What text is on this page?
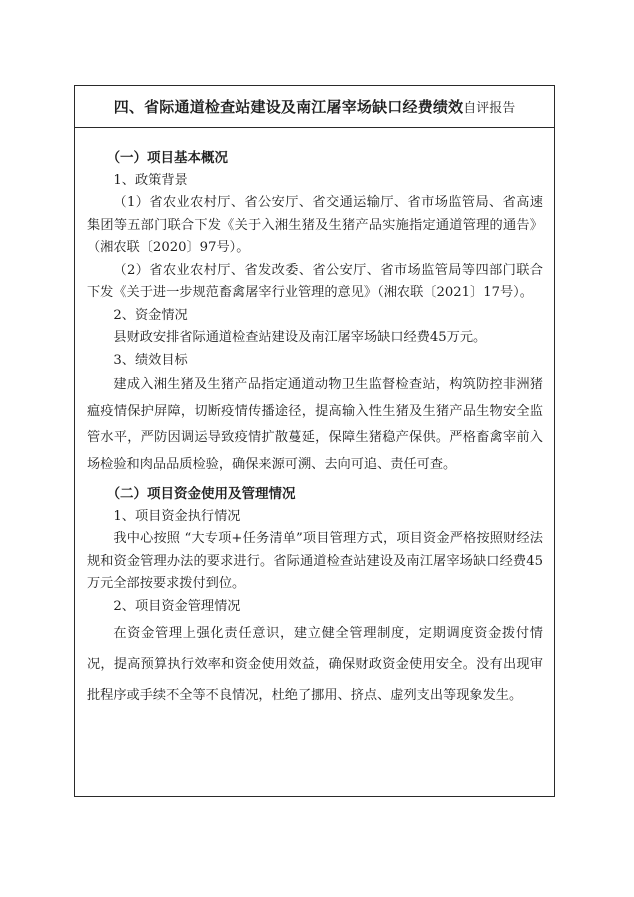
四、省际通道检查站建设及南江屠宰场缺口经费绩效 自评报告
（一）项目基本概况
1、政策背景

（1）省农业农村厅、省公安厅、省交通运输厅、省市场监管局、省高速集团等五部门联合下发《关于入湘生猪及生猪产品实施指定通道管理的通告》（湘农联〔2020〕97号）。

（2）省农业农村厅、省发改委、省公安厅、省市场监管局等四部门联合下发《关于进一步规范畜禽屠宰行业管理的意见》（湘农联〔2021〕17号）。

2、资金情况

县财政安排省际通道检查站建设及南江屠宰场缺口经费45万元。

3、绩效目标

建成入湘生猪及生猪产品指定通道动物卫生监督检查站，构筑防控非洲猪瘟疫情保护屏障，切断疫情传播途径，提高输入性生猪及生猪产品生物安全监管水平，严防因调运导致疫情扩散蔓延，保障生猪稳产保供。严格畜禽宰前入场检验和肉品品质检验，确保来源可溯、去向可追、责任可查。

（二）项目资金使用及管理情况
1、项目资金执行情况

我中心按照 “大专项+任务清单”项目管理方式，项目资金严格按照财经法规和资金管理办法的要求进行。省际通道检查站建设及南江屠宰场缺口经费45万元全部按要求拨付到位。

2、项目资金管理情况

在资金管理上强化责任意识，建立健全管理制度，定期调度资金拨付情况，提高预算执行效率和资金使用效益，确保财政资金使用安全。没有出现审批程序或手续不全等不良情况，杜绝了挪用、挤点、虚列支出等现象发生。
